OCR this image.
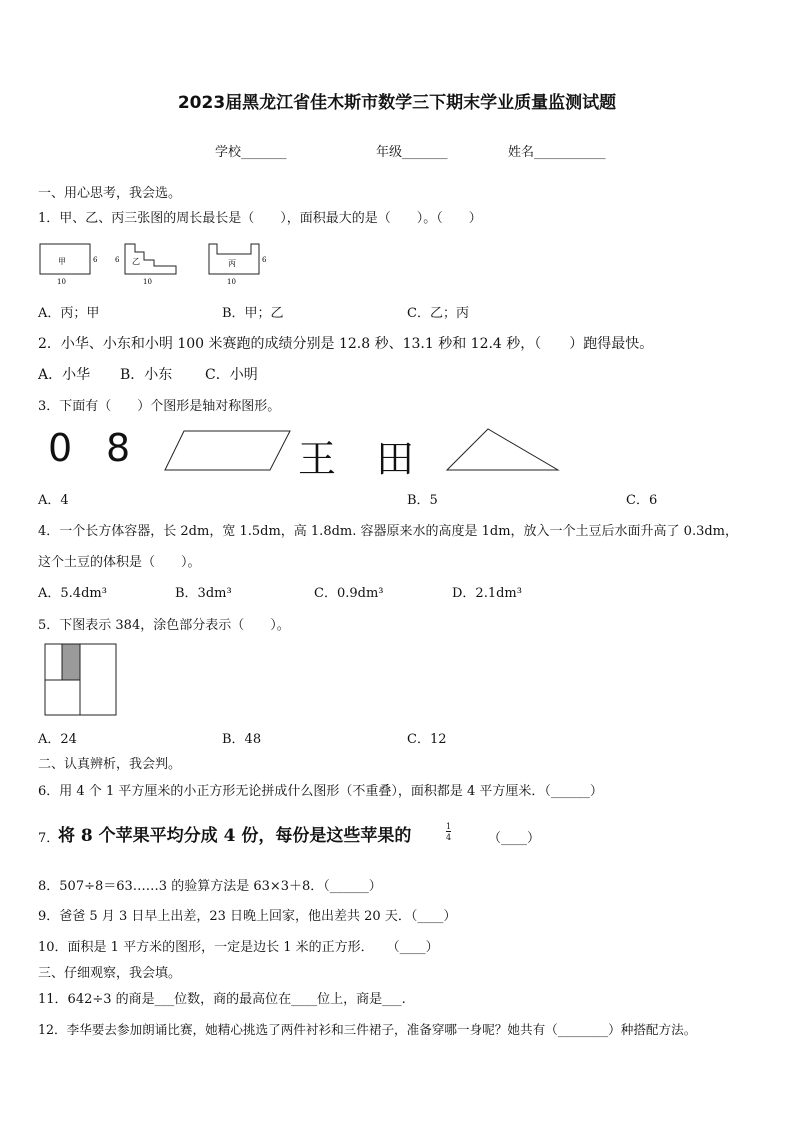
2023届黑龙江省佳木斯市数学三下期末学业质量监测试题
学校_______	年级_______	姓名___________
一、用心思考，我会选。
1．甲、乙、丙三张图的周长最长是（　　），面积最大的是（　　）。（　　）
甲	6
10
乙
6
10
丙	6
10
A．丙；甲	B．甲；乙	C．乙；丙
2．小华、小东和小明 100 米赛跑的成绩分别是 12.8 秒、13.1 秒和 12.4 秒，（　　）跑得最快。
A．小华 B．小东 C．小明
3．下面有（　　）个图形是轴对称图形。
0 8	王 田
A．4	B．5	C．6
4．一个长方体容器，长 2dm，宽 1.5dm，高 1.8dm. 容器原来水的高度是 1dm，放入一个土豆后水面升高了 0.3dm，
这个土豆的体积是（　　）。
A．5.4dm³	B．3dm³	C．0.9dm³	D．2.1dm³
5．下图表示 384，涂色部分表示（　　）。
A．24	B．48	C．12
二、认真辨析，我会判。
6．用 4 个 1 平方厘米的小正方形无论拼成什么图形（不重叠），面积都是 4 平方厘米．（______）
7．
将 8 个苹果平均分成 4 份，每份是这些苹果的	$\frac{1}{4}$	（____）
8．507÷8＝63……3 的验算方法是 63×3＋8．（______）
9．爸爸 5 月 3 日早上出差，23 日晚上回家，他出差共 20 天．（____）
10．面积是 1 平方米的图形，一定是边长 1 米的正方形．　　（____）
三、仔细观察，我会填。
11．642÷3 的商是___位数，商的最高位在____位上，商是___.
12．李华要去参加朗诵比赛，她精心挑选了两件衬衫和三件裙子，准备穿哪一身呢？她共有（________）种搭配方法。
